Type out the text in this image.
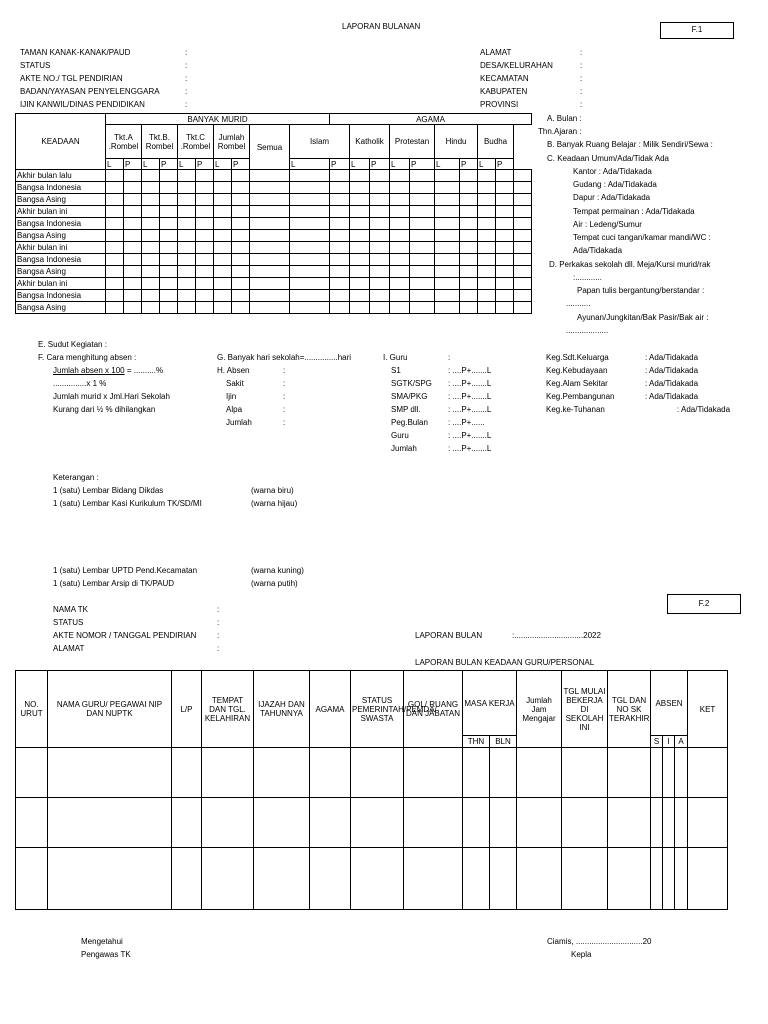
LAPORAN BULANAN	F.1
KEADAAN	BANYAK MURID										AGAMA									
	Tkt.A .Rombel		Tkt.B. Rombel		Tkt.C .Rombel		Jumlah Rombel		Semua	Islam		Katholik		Protestan		Hindu		Budha		
	L	P	L	P	L	P	L	P		L	P	L	P	L	P	L	P	L	P	
Akhir bulan lalu																				
Bangsa Indonesia																				
Bangsa Asing																				
Akhir bulan ini																				
Bangsa Indonesia																				
Bangsa Asing																				
Akhir bulan ini																				
Bangsa Indonesia																				
Bangsa Asing																				
Akhir bulan ini																				
Bangsa Indonesia																				
Bangsa Asing																				
E. Sudut Kegiatan :
F. Cara menghitung absen :
Jumlah absen x 100 = ..........%
...............x 1 %
Jumlah murid x Jml.Hari Sekolah
Kurang dari ½ % dihilangkan
G. Banyak hari sekolah=...............hari
H. Absen	:
I. Guru	:
Keterangan :
F.2
LAPORAN BULAN	:...............................2022
LAPORAN BULAN KEADAAN GURU/PERSONAL
NO. URUT	NAMA GURU/ PEGAWAI NIP DAN NUPTK	L/P	TEMPAT DAN TGL. KELAHIRAN	IJAZAH DAN TAHUNNYA	AGAMA	STATUS PEMERINTAH/PEMDA/ SWASTA	GOL/ RUANG DAN JABATAN	MASA KERJA		Jumlah Jam Mengajar	TGL MULAI BEKERJA DI SEKOLAH INI	TGL DAN NO SK TERAKHIR	ABSEN			KET
								THN	BLN				S	I	A	

Mengetahui
Pengawas TK
Ciamis, ..............................20
Kepla
TAMAN KANAK-KANAK/PAUD	:
STATUS	:
AKTE NO./ TGL PENDIRIAN	:
BADAN/YAYASAN PENYELENGGARA	:
IJIN KANWIL/DINAS PENDIDIKAN	:
ALAMAT	:
DESA/KELURAHAN	:
KECAMATAN	:
KABUPATEN	:
PROVINSI	:
A. Bulan :
Thn.Ajaran :
B. Banyak Ruang Belajar : Milik Sendiri/Sewa :
C. Keadaan Umum/Ada/Tidak Ada
Kantor : Ada/Tidakada
Gudang : Ada/Tidakada
Dapur : Ada/Tidakada
Tempat permainan : Ada/Tidakada
Air : Ledeng/Sumur
Tempat cuci tangan/kamar mandi/WC :
Ada/Tidakada
D. Perkakas sekolah dll. Meja/Kursi murid/rak
:............
Papan tulis bergantung/berstandar :
...........
Ayunan/Jungkitan/Bak Pasir/Bak air :
...................
Sakit	:
Ijin	:
Alpa	:
Jumlah	:
S1	: ....P+.......L
SGTK/SPG : ....P+.......L
SMA/PKG	: ....P+.......L
SMP dll.	: ....P+.......L
Peg.Bulan	: ....P+......
Guru	: ....P+.......L
Jumlah	: ....P+.......L
Keg.Sdt.Keluarga	: Ada/Tidakada
Keg.Kebudayaan	: Ada/Tidakada
Keg.Alam Sekitar	: Ada/Tidakada
Keg.Pembangunan	: Ada/Tidakada
Keg.ke-Tuhanan	: Ada/Tidakada
1 (satu) Lembar Bidang Dikdas	(warna biru)
1 (satu) Lembar Kasi Kurikulum TK/SD/MI	(warna hijau)
1 (satu) Lembar UPTD Pend.Kecamatan	(warna kuning)
1 (satu) Lembar Arsip di TK/PAUD	(warna putih)
NAMA TK	:
STATUS	:
AKTE NOMOR / TANGGAL PENDIRIAN	:
ALAMAT	:
